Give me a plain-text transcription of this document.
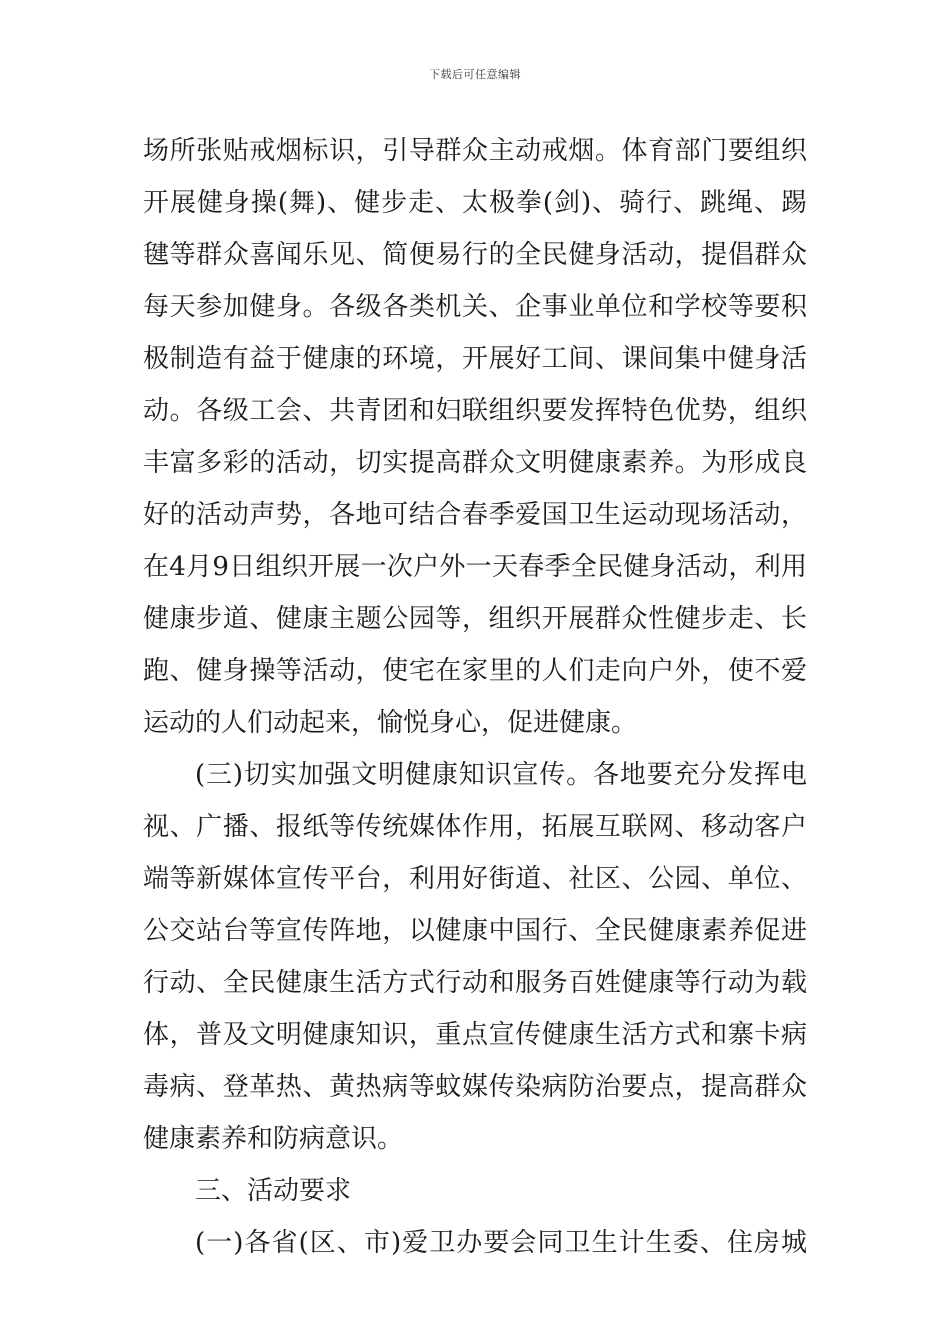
下载后可任意编辑
场所张贴戒烟标识，引导群众主动戒烟。体育部门要组织
开展健身操(舞)、健步走、太极拳(剑)、骑行、跳绳、踢
毽等群众喜闻乐见、简便易行的全民健身活动，提倡群众
每天参加健身。各级各类机关、企事业单位和学校等要积
极制造有益于健康的环境，开展好工间、课间集中健身活
动。各级工会、共青团和妇联组织要发挥特色优势，组织
丰富多彩的活动，切实提高群众文明健康素养。为形成良
好的活动声势，各地可结合春季爱国卫生运动现场活动，
在4月9日组织开展一次户外一天春季全民健身活动，利用
健康步道、健康主题公园等，组织开展群众性健步走、长
跑、健身操等活动，使宅在家里的人们走向户外，使不爱
运动的人们动起来，愉悦身心，促进健康。
(三)切实加强文明健康知识宣传。各地要充分发挥电
视、广播、报纸等传统媒体作用，拓展互联网、移动客户
端等新媒体宣传平台，利用好街道、社区、公园、单位、
公交站台等宣传阵地，以健康中国行、全民健康素养促进
行动、全民健康生活方式行动和服务百姓健康等行动为载
体，普及文明健康知识，重点宣传健康生活方式和寨卡病
毒病、登革热、黄热病等蚊媒传染病防治要点，提高群众
健康素养和防病意识。
三、活动要求
(一)各省(区、市)爱卫办要会同卫生计生委、住房城
